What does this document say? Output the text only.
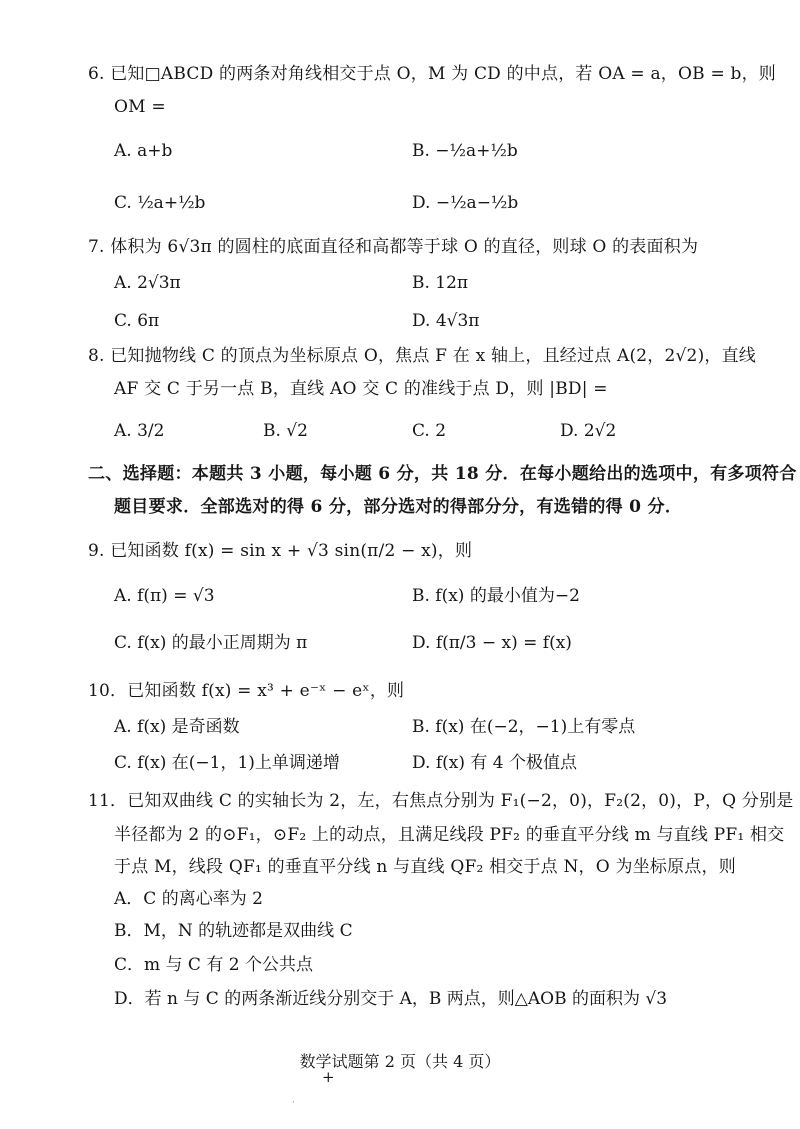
6. 已知□ABCD 的两条对角线相交于点 O，M 为 CD 的中点，若 OA = a，OB = b，则
OM =
A. a+b	B. −½a+½b
C. ½a+½b	D. −½a−½b
7. 体积为 6√3π 的圆柱的底面直径和高都等于球 O 的直径，则球 O 的表面积为
A. 2√3π	B. 12π
C. 6π	D. 4√3π
8. 已知抛物线 C 的顶点为坐标原点 O，焦点 F 在 x 轴上，且经过点 A(2，2√2)，直线
AF 交 C 于另一点 B，直线 AO 交 C 的准线于点 D，则 |BD| =
A. 3/2	B. √2	C. 2	D. 2√2
二、选择题：本题共 3 小题，每小题 6 分，共 18 分．在每小题给出的选项中，有多项符合
题目要求．全部选对的得 6 分，部分选对的得部分分，有选错的得 0 分．
9. 已知函数 f(x) = sin x + √3 sin(π/2 − x)，则
A. f(π) = √3	B. f(x) 的最小值为−2
C. f(x) 的最小正周期为 π	D. f(π/3 − x) = f(x)
10．已知函数 f(x) = x³ + e⁻ˣ − eˣ，则
A. f(x) 是奇函数	B. f(x) 在(−2，−1)上有零点
C. f(x) 在(−1，1)上单调递增	D. f(x) 有 4 个极值点
11．已知双曲线 C 的实轴长为 2，左，右焦点分别为 F₁(−2，0)，F₂(2，0)，P，Q 分别是
半径都为 2 的⊙F₁，⊙F₂ 上的动点，且满足线段 PF₂ 的垂直平分线 m 与直线 PF₁ 相交
于点 M，线段 QF₁ 的垂直平分线 n 与直线 QF₂ 相交于点 N，O 为坐标原点，则
A．C 的离心率为 2
B．M，N 的轨迹都是双曲线 C
C．m 与 C 有 2 个公共点
D．若 n 与 C 的两条渐近线分别交于 A，B 两点，则△AOB 的面积为 √3
数学试题第 2 页（共 4 页）
+
·
